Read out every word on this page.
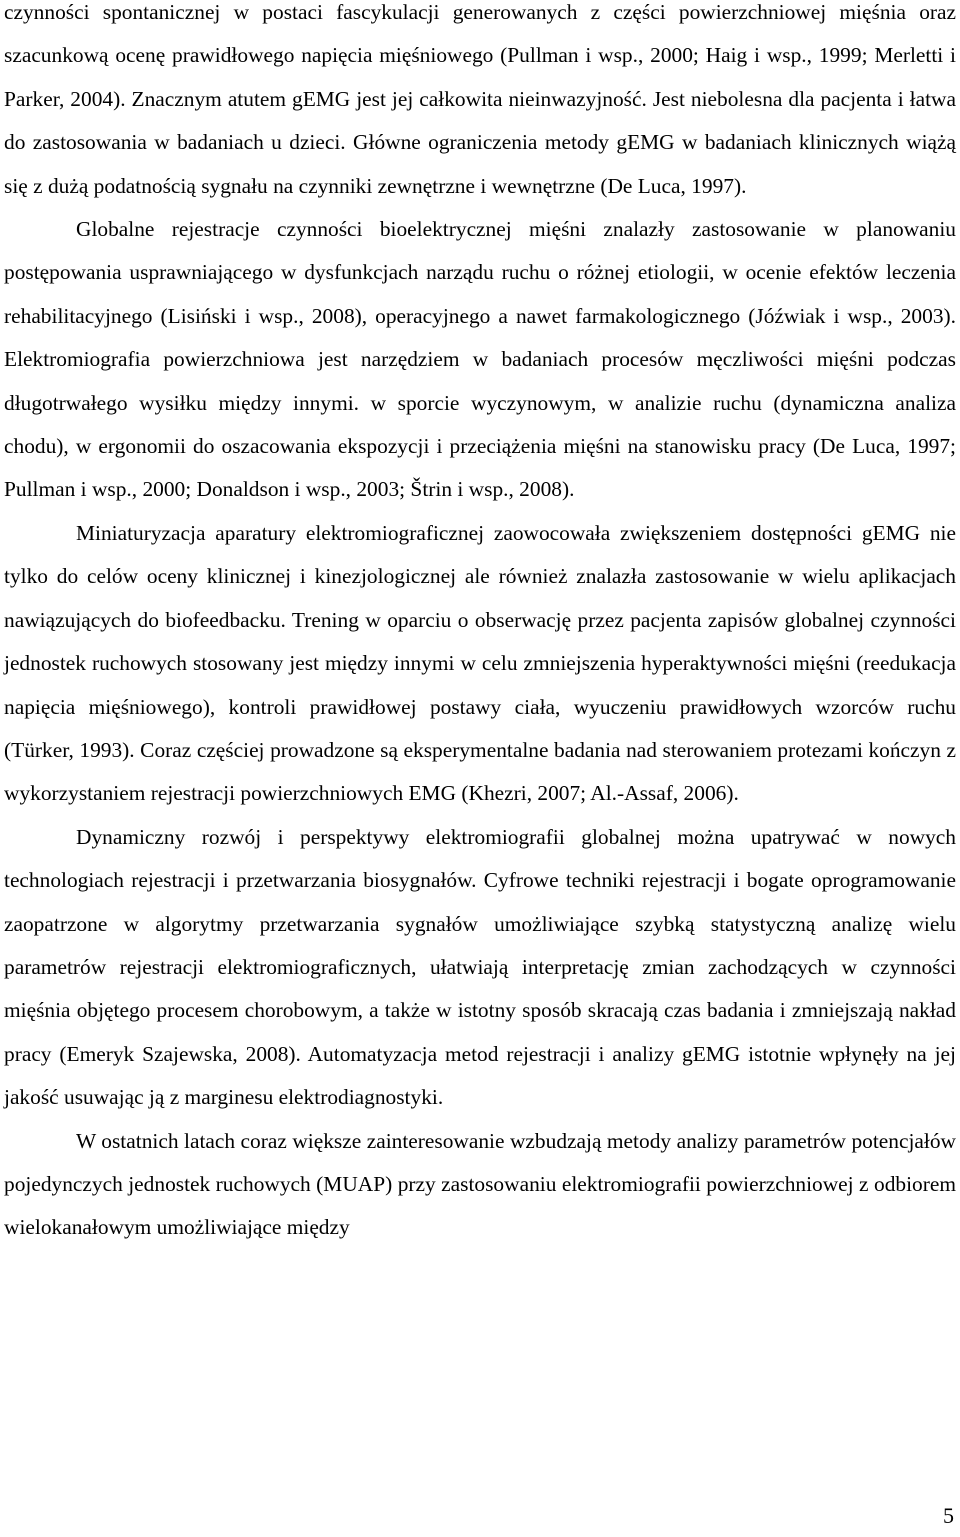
czynności spontanicznej w postaci fascykulacji generowanych z części powierzchniowej mięśnia oraz szacunkową ocenę prawidłowego napięcia mięśniowego (Pullman i wsp., 2000; Haig i wsp., 1999; Merletti i Parker, 2004). Znacznym atutem gEMG jest jej całkowita nieinwazyjność. Jest niebolesna dla pacjenta i łatwa do zastosowania w badaniach u dzieci. Główne ograniczenia metody gEMG w badaniach klinicznych wiążą się z dużą podatnością sygnału na czynniki zewnętrzne i wewnętrzne (De Luca, 1997).

Globalne rejestracje czynności bioelektrycznej mięśni znalazły zastosowanie w planowaniu postępowania usprawniającego w dysfunkcjach narządu ruchu o różnej etiologii, w ocenie efektów leczenia rehabilitacyjnego (Lisiński i wsp., 2008), operacyjnego a nawet farmakologicznego (Jóźwiak i wsp., 2003). Elektromiografia powierzchniowa jest narzędziem w badaniach procesów męczliwości mięśni podczas długotrwałego wysiłku między innymi. w sporcie wyczynowym, w analizie ruchu (dynamiczna analiza chodu), w ergonomii do oszacowania ekspozycji i przeciążenia mięśni na stanowisku pracy (De Luca, 1997; Pullman i wsp., 2000; Donaldson i wsp., 2003; Štrin i wsp., 2008).

Miniaturyzacja aparatury elektromiograficznej zaowocowała zwiększeniem dostępności gEMG nie tylko do celów oceny klinicznej i kinezjologicznej ale również znalazła zastosowanie w wielu aplikacjach nawiązujących do biofeedbacku. Trening w oparciu o obserwację przez pacjenta zapisów globalnej czynności jednostek ruchowych stosowany jest między innymi w celu zmniejszenia hyperaktywności mięśni (reedukacja napięcia mięśniowego), kontroli prawidłowej postawy ciała, wyuczeniu prawidłowych wzorców ruchu (Türker, 1993). Coraz częściej prowadzone są eksperymentalne badania nad sterowaniem protezami kończyn z wykorzystaniem rejestracji powierzchniowych EMG (Khezri, 2007; Al.-Assaf, 2006).

Dynamiczny rozwój i perspektywy elektromiografii globalnej można upatrywać w nowych technologiach rejestracji i przetwarzania biosygnałów. Cyfrowe techniki rejestracji i bogate oprogramowanie zaopatrzone w algorytmy przetwarzania sygnałów umożliwiające szybką statystyczną analizę wielu parametrów rejestracji elektromiograficznych, ułatwiają interpretację zmian zachodzących w czynności mięśnia objętego procesem chorobowym, a także w istotny sposób skracają czas badania i zmniejszają nakład pracy (Emeryk Szajewska, 2008). Automatyzacja metod rejestracji i analizy gEMG istotnie wpłynęły na jej jakość usuwając ją z marginesu elektrodiagnostyki.

W ostatnich latach coraz większe zainteresowanie wzbudzają metody analizy parametrów potencjałów pojedynczych jednostek ruchowych (MUAP) przy zastosowaniu elektromiografii powierzchniowej z odbiorem wielokanałowym umożliwiające między

5
